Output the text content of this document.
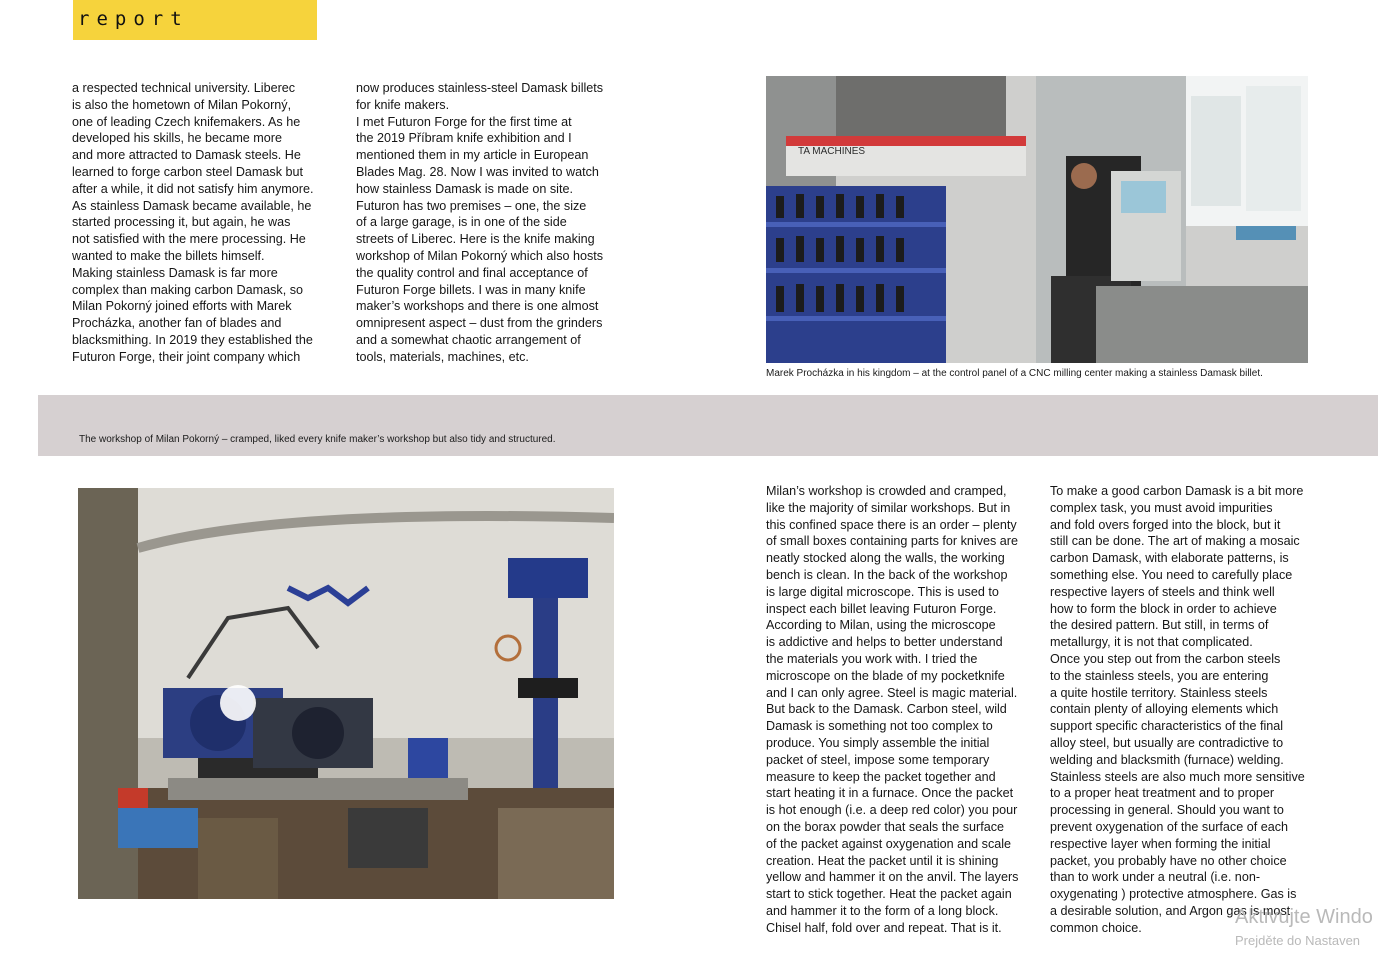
report
a respected technical university. Liberec
is also the hometown of Milan Pokorný,
one of leading Czech knifemakers. As he
developed his skills, he became more
and more attracted to Damask steels. He
learned to forge carbon steel Damask but
after a while, it did not satisfy him anymore.
As stainless Damask became available, he
started processing it, but again, he was
not satisfied with the mere processing. He
wanted to make the billets himself.
Making stainless Damask is far more
complex than making carbon Damask, so
Milan Pokorný joined efforts with Marek
Procházka, another fan of blades and
blacksmithing. In 2019 they established the
Futuron Forge, their joint company which
now produces stainless-steel Damask billets
for knife makers.
I met Futuron Forge for the first time at
the 2019 Příbram knife exhibition and I
mentioned them in my article in European
Blades Mag. 28. Now I was invited to watch
how stainless Damask is made on site.
Futuron has two premises – one, the size
of a large garage, is in one of the side
streets of Liberec. Here is the knife making
workshop of Milan Pokorný which also hosts
the quality control and final acceptance of
Futuron Forge billets. I was in many knife
maker’s workshops and there is one almost
omnipresent aspect – dust from the grinders
and a somewhat chaotic arrangement of
tools, materials, machines, etc.
TA MACHINES
Marek Procházka in his kingdom – at the control panel of a CNC milling center making a stainless Damask billet.
The workshop of Milan Pokorný – cramped, liked every knife maker’s workshop but also tidy and structured.
Milan’s workshop is crowded and cramped,
like the majority of similar workshops. But in
this confined space there is an order – plenty
of small boxes containing parts for knives are
neatly stocked along the walls, the working
bench is clean. In the back of the workshop
is large digital microscope. This is used to
inspect each billet leaving Futuron Forge.
According to Milan, using the microscope
is addictive and helps to better understand
the materials you work with. I tried the
microscope on the blade of my pocketknife
and I can only agree. Steel is magic material.
But back to the Damask. Carbon steel, wild
Damask is something not too complex to
produce. You simply assemble the initial
packet of steel, impose some temporary
measure to keep the packet together and
start heating it in a furnace. Once the packet
is hot enough (i.e. a deep red color) you pour
on the borax powder that seals the surface
of the packet against oxygenation and scale
creation. Heat the packet until it is shining
yellow and hammer it on the anvil. The layers
start to stick together. Heat the packet again
and hammer it to the form of a long block.
Chisel half, fold over and repeat. That is it.
To make a good carbon Damask is a bit more
complex task, you must avoid impurities
and fold overs forged into the block, but it
still can be done. The art of making a mosaic
carbon Damask, with elaborate patterns, is
something else. You need to carefully place
respective layers of steels and think well
how to form the block in order to achieve
the desired pattern. But still, in terms of
metallurgy, it is not that complicated.
Once you step out from the carbon steels
to the stainless steels, you are entering
a quite hostile territory. Stainless steels
contain plenty of alloying elements which
support specific characteristics of the final
alloy steel, but usually are contradictive to
welding and blacksmith (furnace) welding.
Stainless steels are also much more sensitive
to a proper heat treatment and to proper
processing in general. Should you want to
prevent oxygenation of the surface of each
respective layer when forming the initial
packet, you probably have no other choice
than to work under a neutral (i.e. non-
oxygenating ) protective atmosphere. Gas is
a desirable solution, and Argon gas is most
common choice.	Aktivujte Windo
Prejděte do Nastaven
